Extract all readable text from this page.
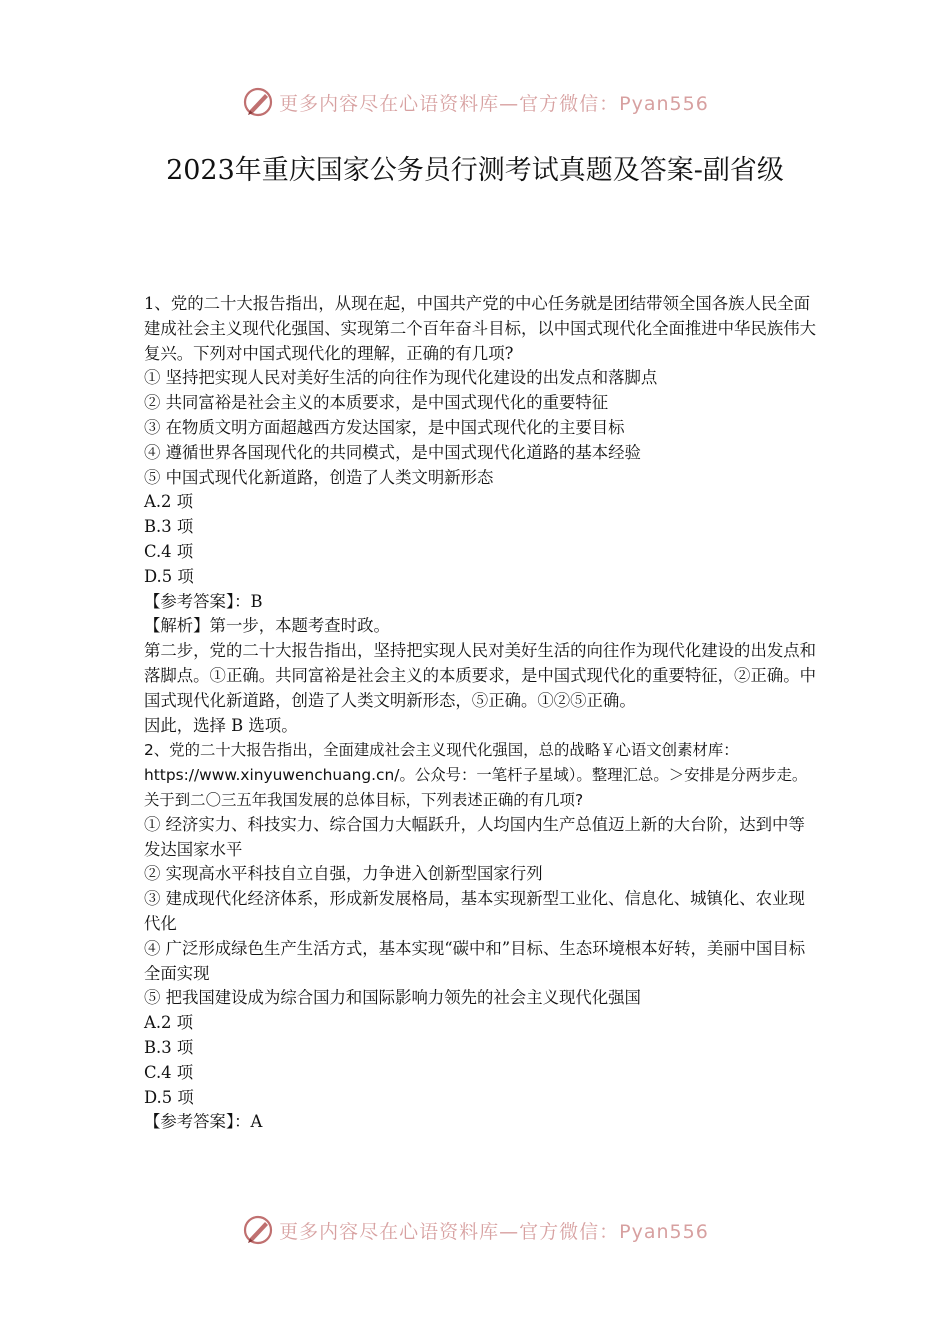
更多内容尽在心语资料库—官方微信：Pyan556
2023年重庆国家公务员行测考试真题及答案-副省级

1、党的二十大报告指出，从现在起，中国共产党的中心任务就是团结带领全国各族人民全面建成社会主义现代化强国、实现第二个百年奋斗目标，以中国式现代化全面推进中华民族伟大复兴。下列对中国式现代化的理解，正确的有几项?

① 坚持把实现人民对美好生活的向往作为现代化建设的出发点和落脚点

② 共同富裕是社会主义的本质要求，是中国式现代化的重要特征

③ 在物质文明方面超越西方发达国家，是中国式现代化的主要目标

④ 遵循世界各国现代化的共同模式，是中国式现代化道路的基本经验

⑤ 中国式现代化新道路，创造了人类文明新形态

A.2 项

B.3 项

C.4 项

D.5 项

【参考答案】：B

【解析】第一步，本题考查时政。

第二步，党的二十大报告指出，坚持把实现人民对美好生活的向往作为现代化建设的出发点和落脚点。①正确。共同富裕是社会主义的本质要求，是中国式现代化的重要特征，②正确。中国式现代化新道路，创造了人类文明新形态，⑤正确。①②⑤正确。

因此，选择 B 选项。

2、党的二十大报告指出，全面建成社会主义现代化强国，总的战略￥心语文创素材库：https://www.xinyuwenchuang.cn/。公众号：一笔杆子星域）。整理汇总。＞安排是分两步走。关于到二〇三五年我国发展的总体目标，下列表述正确的有几项?

① 经济实力、科技实力、综合国力大幅跃升，人均国内生产总值迈上新的大台阶，达到中等发达国家水平

② 实现高水平科技自立自强，力争进入创新型国家行列

③ 建成现代化经济体系，形成新发展格局，基本实现新型工业化、信息化、城镇化、农业现代化

④ 广泛形成绿色生产生活方式，基本实现“碳中和”目标、生态环境根本好转，美丽中国目标全面实现

⑤ 把我国建设成为综合国力和国际影响力领先的社会主义现代化强国

A.2 项

B.3 项

C.4 项

D.5 项

【参考答案】：A

更多内容尽在心语资料库—官方微信：Pyan556
